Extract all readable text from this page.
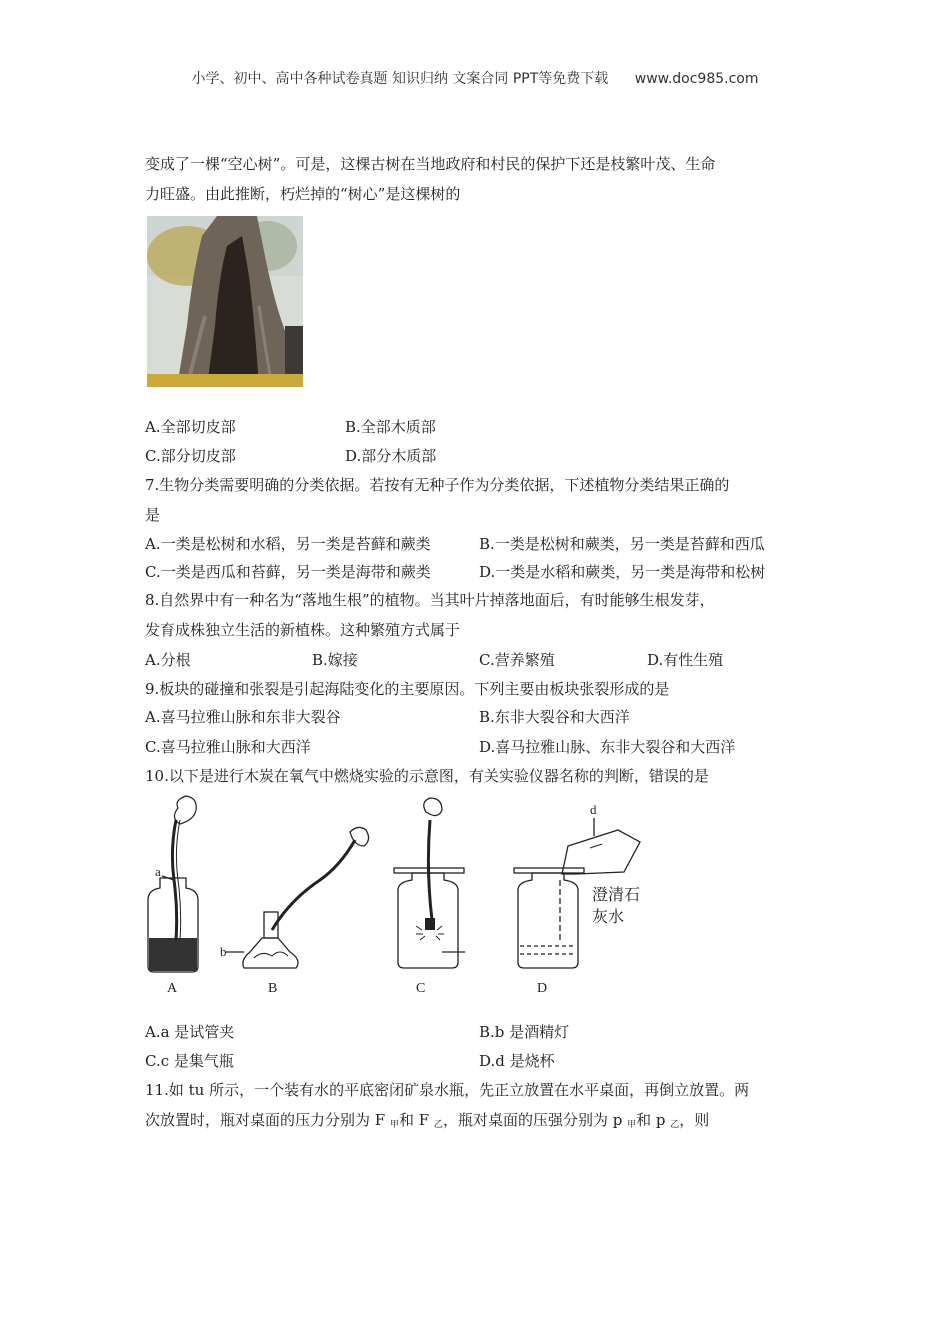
小学、初中、高中各种试卷真题 知识归纳 文案合同 PPT等免费下载 www.doc985.com
变成了一棵“空心树”。可是，这棵古树在当地政府和村民的保护下还是枝繁叶茂、生命
力旺盛。由此推断，朽烂掉的“树心”是这棵树的
A.全部切皮部	B.全部木质部
C.部分切皮部	D.部分木质部
7.生物分类需要明确的分类依据。若按有无种子作为分类依据，下述植物分类结果正确的
是
A.一类是松树和水稻，另一类是苔藓和蕨类	B.一类是松树和蕨类，另一类是苔藓和西瓜
C.一类是西瓜和苔藓，另一类是海带和蕨类	D.一类是水稻和蕨类，另一类是海带和松树
8.自然界中有一种名为“落地生根”的植物。当其叶片掉落地面后，有时能够生根发芽，
发育成株独立生活的新植株。这种繁殖方式属于
A.分根	B.嫁接	C.营养繁殖	D.有性生殖
9.板块的碰撞和张裂是引起海陆变化的主要原因。下列主要由板块张裂形成的是
A.喜马拉雅山脉和东非大裂谷	B.东非大裂谷和大西洋
C.喜马拉雅山脉和大西洋	D.喜马拉雅山脉、东非大裂谷和大西洋
10.以下是进行木炭在氧气中燃烧实验的示意图，有关实验仪器名称的判断，错误的是
a
A
b
B	C
d
澄清石
灰水
D
A.a 是试管夹	B.b 是酒精灯
C.c 是集气瓶	D.d 是烧杯
11.如 tu 所示，一个装有水的平底密闭矿泉水瓶，先正立放置在水平桌面，再倒立放置。两
次放置时，瓶对桌面的压力分别为 F $_甲$和 F $_乙$，瓶对桌面的压强分别为 p $_甲$和 p $_乙$，则
